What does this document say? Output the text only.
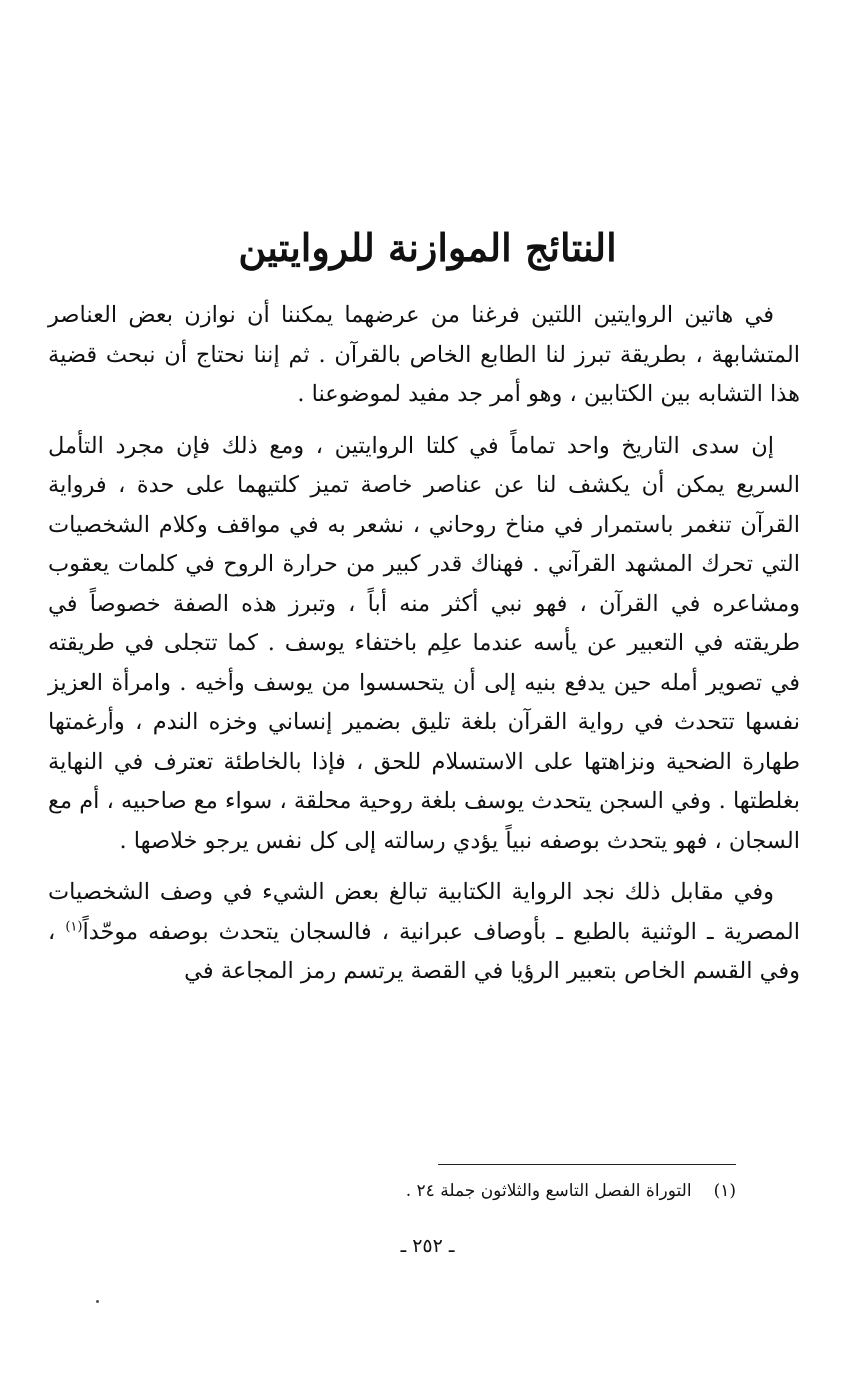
النتائج الموازنة للروايتين

في هاتين الروايتين اللتين فرغنا من عرضهما يمكننا أن نوازن بعض العناصر المتشابهة ، بطريقة تبرز لنا الطابع الخاص بالقرآن . ثم إننا نحتاج أن نبحث قضية هذا التشابه بين الكتابين ، وهو أمر جد مفيد لموضوعنا .

إن سدى التاريخ واحد تماماً في كلتا الروايتين ، ومع ذلك فإن مجرد التأمل السريع يمكن أن يكشف لنا عن عناصر خاصة تميز كلتيهما على حدة ، فرواية القرآن تنغمر باستمرار في مناخ روحاني ، نشعر به في مواقف وكلام الشخصيات التي تحرك المشهد القرآني . فهناك قدر كبير من حرارة الروح في كلمات يعقوب ومشاعره في القرآن ، فهو نبي أكثر منه أباً ، وتبرز هذه الصفة خصوصاً في طريقته في التعبير عن يأسه عندما علِم باختفاء يوسف . كما تتجلى في طريقته في تصوير أمله حين يدفع بنيه إلى أن يتحسسوا من يوسف وأخيه . وامرأة العزيز نفسها تتحدث في رواية القرآن بلغة تليق بضمير إنساني وخزه الندم ، وأرغمتها طهارة الضحية ونزاهتها على الاستسلام للحق ، فإذا بالخاطئة تعترف في النهاية بغلطتها . وفي السجن يتحدث يوسف بلغة روحية محلقة ، سواء مع صاحبيه ، أم مع السجان ، فهو يتحدث بوصفه نبياً يؤدي رسالته إلى كل نفس يرجو خلاصها .

وفي مقابل ذلك نجد الرواية الكتابية تبالغ بعض الشيء في وصف الشخصيات المصرية ـ الوثنية بالطبع ـ بأوصاف عبرانية ، فالسجان يتحدث بوصفه موحّداً$^{(١)}$ ، وفي القسم الخاص بتعبير الرؤيا في القصة يرتسم رمز المجاعة في

(١)التوراة الفصل التاسع والثلاثون جملة ٢٤ .
ـ ٢٥٢ ـ
